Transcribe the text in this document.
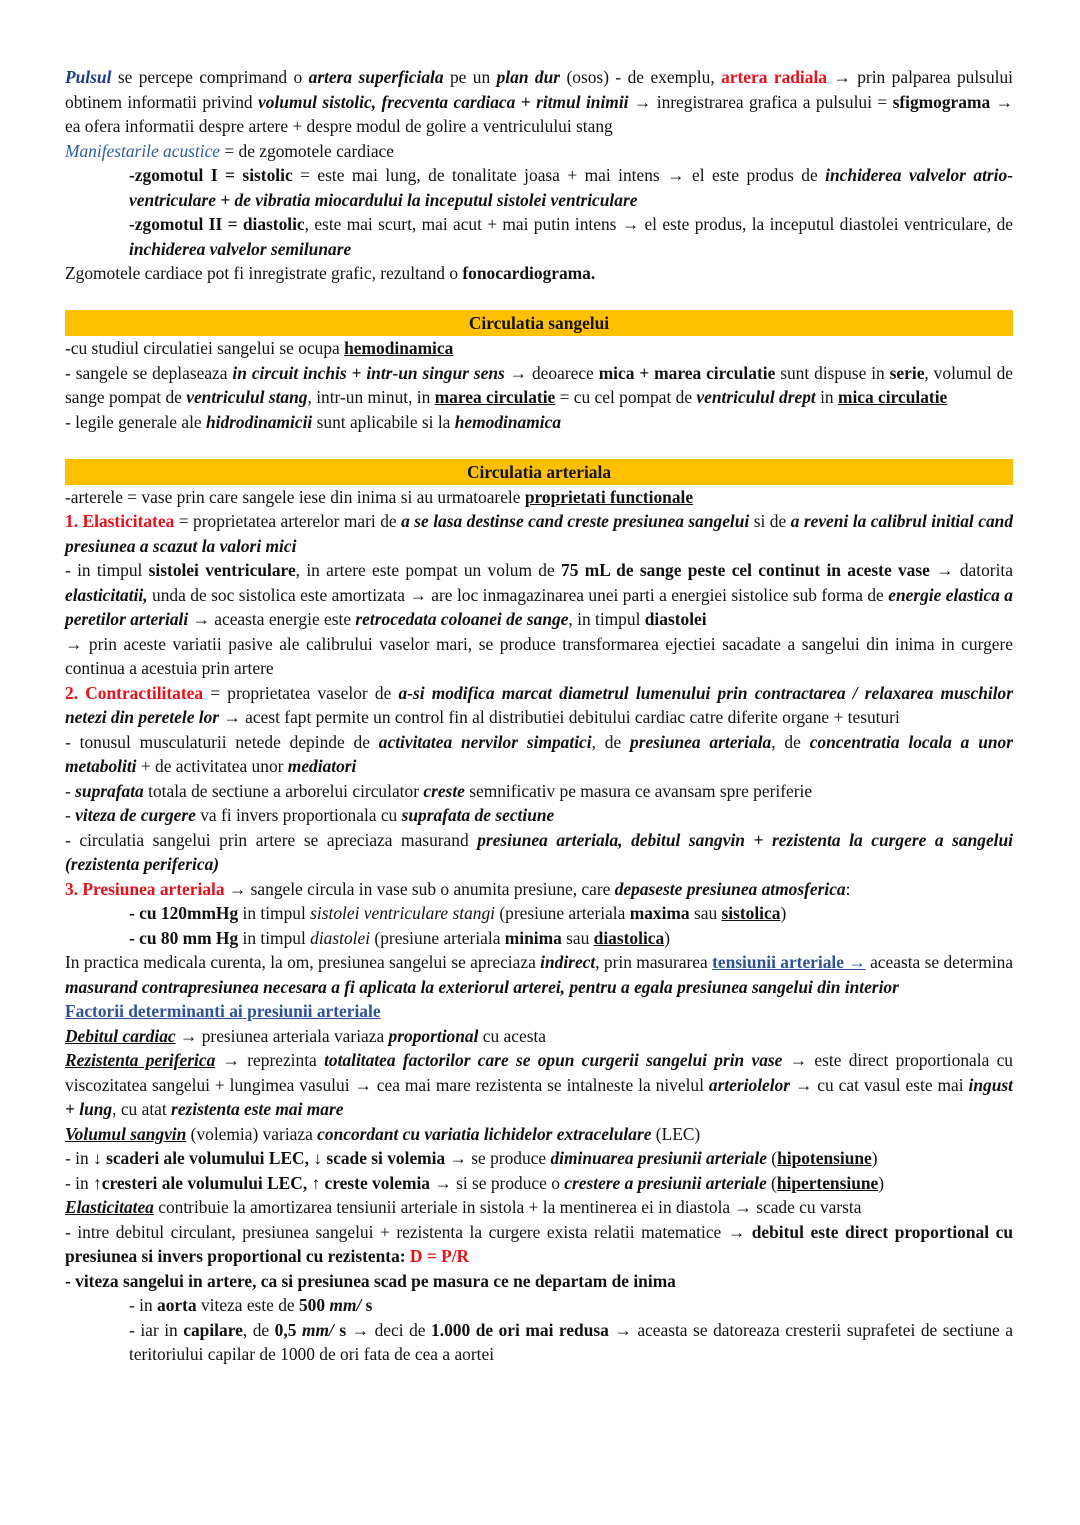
Pulsul se percepe comprimand o artera superficiala pe un plan dur (osos) - de exemplu, artera radiala → prin palparea pulsului obtinem informatii privind volumul sistolic, frecventa cardiaca + ritmul inimii → inregistrarea grafica a pulsului = sfigmograma → ea ofera informatii despre artere + despre modul de golire a ventriculului stang

Manifestarile acustice = de zgomotele cardiace

-zgomotul I = sistolic = este mai lung, de tonalitate joasa + mai intens → el este produs de inchiderea valvelor atrio-ventriculare + de vibratia miocardului la inceputul sistolei ventriculare

-zgomotul II = diastolic, este mai scurt, mai acut + mai putin intens → el este produs, la inceputul diastolei ventriculare, de inchiderea valvelor semilunare

Zgomotele cardiace pot fi inregistrate grafic, rezultand o fonocardiograma.

Circulatia sangelui

-cu studiul circulatiei sangelui se ocupa hemodinamica

- sangele se deplaseaza in circuit inchis + intr-un singur sens → deoarece mica + marea circulatie sunt dispuse in serie, volumul de sange pompat de ventriculul stang, intr-un minut, in marea circulatie = cu cel pompat de ventriculul drept in mica circulatie

- legile generale ale hidrodinamicii sunt aplicabile si la hemodinamica

Circulatia arteriala

-arterele = vase prin care sangele iese din inima si au urmatoarele proprietati functionale

1. Elasticitatea = proprietatea arterelor mari de a se lasa destinse cand creste presiunea sangelui si de a reveni la calibrul initial cand presiunea a scazut la valori mici

- in timpul sistolei ventriculare, in artere este pompat un volum de 75 mL de sange peste cel continut in aceste vase → datorita elasticitatii, unda de soc sistolica este amortizata → are loc inmagazinarea unei parti a energiei sistolice sub forma de energie elastica a peretilor arteriali → aceasta energie este retrocedata coloanei de sange, in timpul diastolei

→ prin aceste variatii pasive ale calibrului vaselor mari, se produce transformarea ejectiei sacadate a sangelui din inima in curgere continua a acestuia prin artere

2. Contractilitatea = proprietatea vaselor de a-si modifica marcat diametrul lumenului prin contractarea / relaxarea muschilor netezi din peretele lor → acest fapt permite un control fin al distributiei debitului cardiac catre diferite organe + tesuturi

- tonusul musculaturii netede depinde de activitatea nervilor simpatici, de presiunea arteriala, de concentratia locala a unor metaboliti + de activitatea unor mediatori

- suprafata totala de sectiune a arborelui circulator creste semnificativ pe masura ce avansam spre periferie

- viteza de curgere va fi invers proportionala cu suprafata de sectiune

- circulatia sangelui prin artere se apreciaza masurand presiunea arteriala, debitul sangvin + rezistenta la curgere a sangelui (rezistenta periferica)

3. Presiunea arteriala → sangele circula in vase sub o anumita presiune, care depaseste presiunea atmosferica:

- cu 120mmHg in timpul sistolei ventriculare stangi (presiune arteriala maxima sau sistolica)

- cu 80 mm Hg in timpul diastolei (presiune arteriala minima sau diastolica)

In practica medicala curenta, la om, presiunea sangelui se apreciaza indirect, prin masurarea tensiunii arteriale → aceasta se determina masurand contrapresiunea necesara a fi aplicata la exteriorul arterei, pentru a egala presiunea sangelui din interior

Factorii determinanti ai presiunii arteriale

Debitul cardiac → presiunea arteriala variaza proportional cu acesta

Rezistenta periferica → reprezinta totalitatea factorilor care se opun curgerii sangelui prin vase → este direct proportionala cu viscozitatea sangelui + lungimea vasului → cea mai mare rezistenta se intalneste la nivelul arteriolelor → cu cat vasul este mai ingust + lung, cu atat rezistenta este mai mare

Volumul sangvin (volemia) variaza concordant cu variatia lichidelor extracelulare (LEC)

- in ↓ scaderi ale volumului LEC, ↓ scade si volemia → se produce diminuarea presiunii arteriale (hipotensiune)

- in ↑cresteri ale volumului LEC, ↑ creste volemia → si se produce o crestere a presiunii arteriale (hipertensiune)

Elasticitatea contribuie la amortizarea tensiunii arteriale in sistola + la mentinerea ei in diastola → scade cu varsta

- intre debitul circulant, presiunea sangelui + rezistenta la curgere exista relatii matematice → debitul este direct proportional cu presiunea si invers proportional cu rezistenta: D = P/R

- viteza sangelui in artere, ca si presiunea scad pe masura ce ne departam de inima

- in aorta viteza este de 500 mm/ s

- iar in capilare, de 0,5 mm/ s → deci de 1.000 de ori mai redusa → aceasta se datoreaza cresterii suprafetei de sectiune a teritoriului capilar de 1000 de ori fata de cea a aortei
